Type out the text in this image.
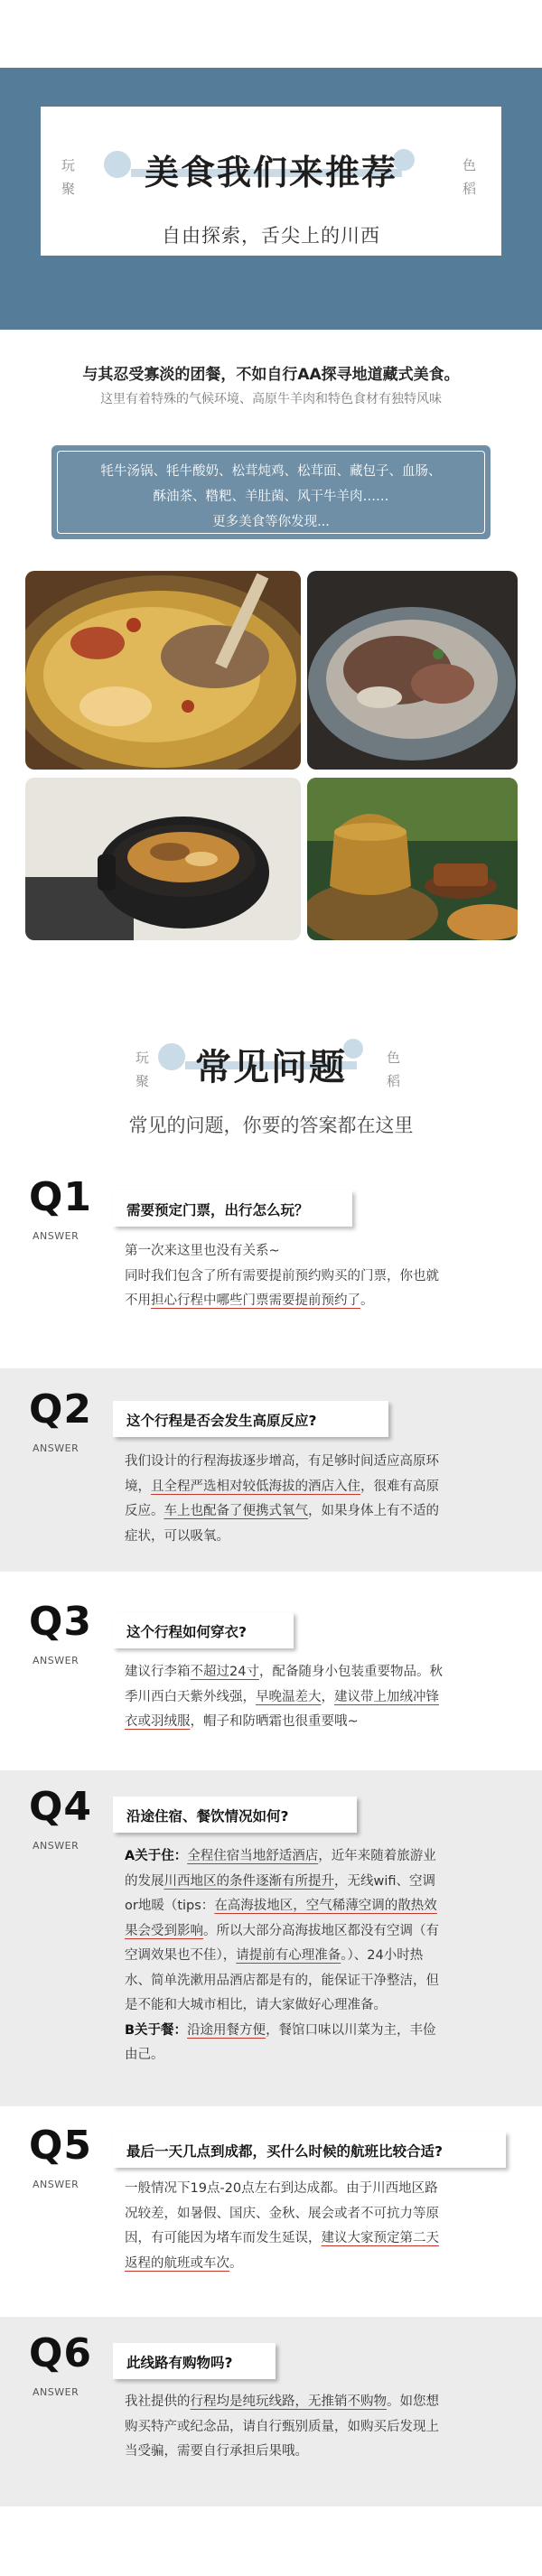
玩
聚
色
稻
美食我们来推荐
自由探索，舌尖上的川西
与其忍受寡淡的团餐，不如自行AA探寻地道藏式美食。
这里有着特殊的气候环境、高原牛羊肉和特色食材有独特风味
牦牛汤锅、牦牛酸奶、松茸炖鸡、松茸面、藏包子、血肠、
酥油茶、糌粑、羊肚菌、风干牛羊肉……
更多美食等你发现...
玩
聚
色
稻
常见问题
常见的问题，你要的答案都在这里
Q1
ANSWER
需要预定门票，出行怎么玩？

第一次来这里也没有关系~

同时我们包含了所有需要提前预约购买的门票，你也就

不用担心行程中哪些门票需要提前预约了。

Q2
ANSWER
这个行程是否会发生高原反应?

我们设计的行程海拔逐步增高，有足够时间适应高原环

境，且全程严选相对较低海拔的酒店入住，很难有高原

反应。车上也配备了便携式氧气，如果身体上有不适的

症状，可以吸氧。

Q3
ANSWER
这个行程如何穿衣?

建议行李箱不超过24寸，配备随身小包装重要物品。秋

季川西白天紫外线强，早晚温差大，建议带上加绒冲锋

衣或羽绒服，帽子和防晒霜也很重要哦~

Q4
ANSWER
沿途住宿、餐饮情况如何?

A关于住：全程住宿当地舒适酒店，近年来随着旅游业

的发展川西地区的条件逐渐有所提升，无线wifi、空调

or地暖（tips：在高海拔地区，空气稀薄空调的散热效

果会受到影响。所以大部分高海拔地区都没有空调（有

空调效果也不佳），请提前有心理准备。）、24小时热

水、简单洗漱用品酒店都是有的，能保证干净整洁，但

是不能和大城市相比，请大家做好心理准备。

B关于餐：沿途用餐方便，餐馆口味以川菜为主，丰俭

由己。

Q5
ANSWER
最后一天几点到成都，买什么时候的航班比较合适?

一般情况下19点-20点左右到达成都。由于川西地区路

况较差，如暑假、国庆、金秋、展会或者不可抗力等原

因，有可能因为堵车而发生延误，建议大家预定第二天

返程的航班或车次。

Q6
ANSWER
此线路有购物吗?

我社提供的行程均是纯玩线路，无推销不购物。如您想

购买特产或纪念品，请自行甄别质量，如购买后发现上

当受骗，需要自行承担后果哦。
